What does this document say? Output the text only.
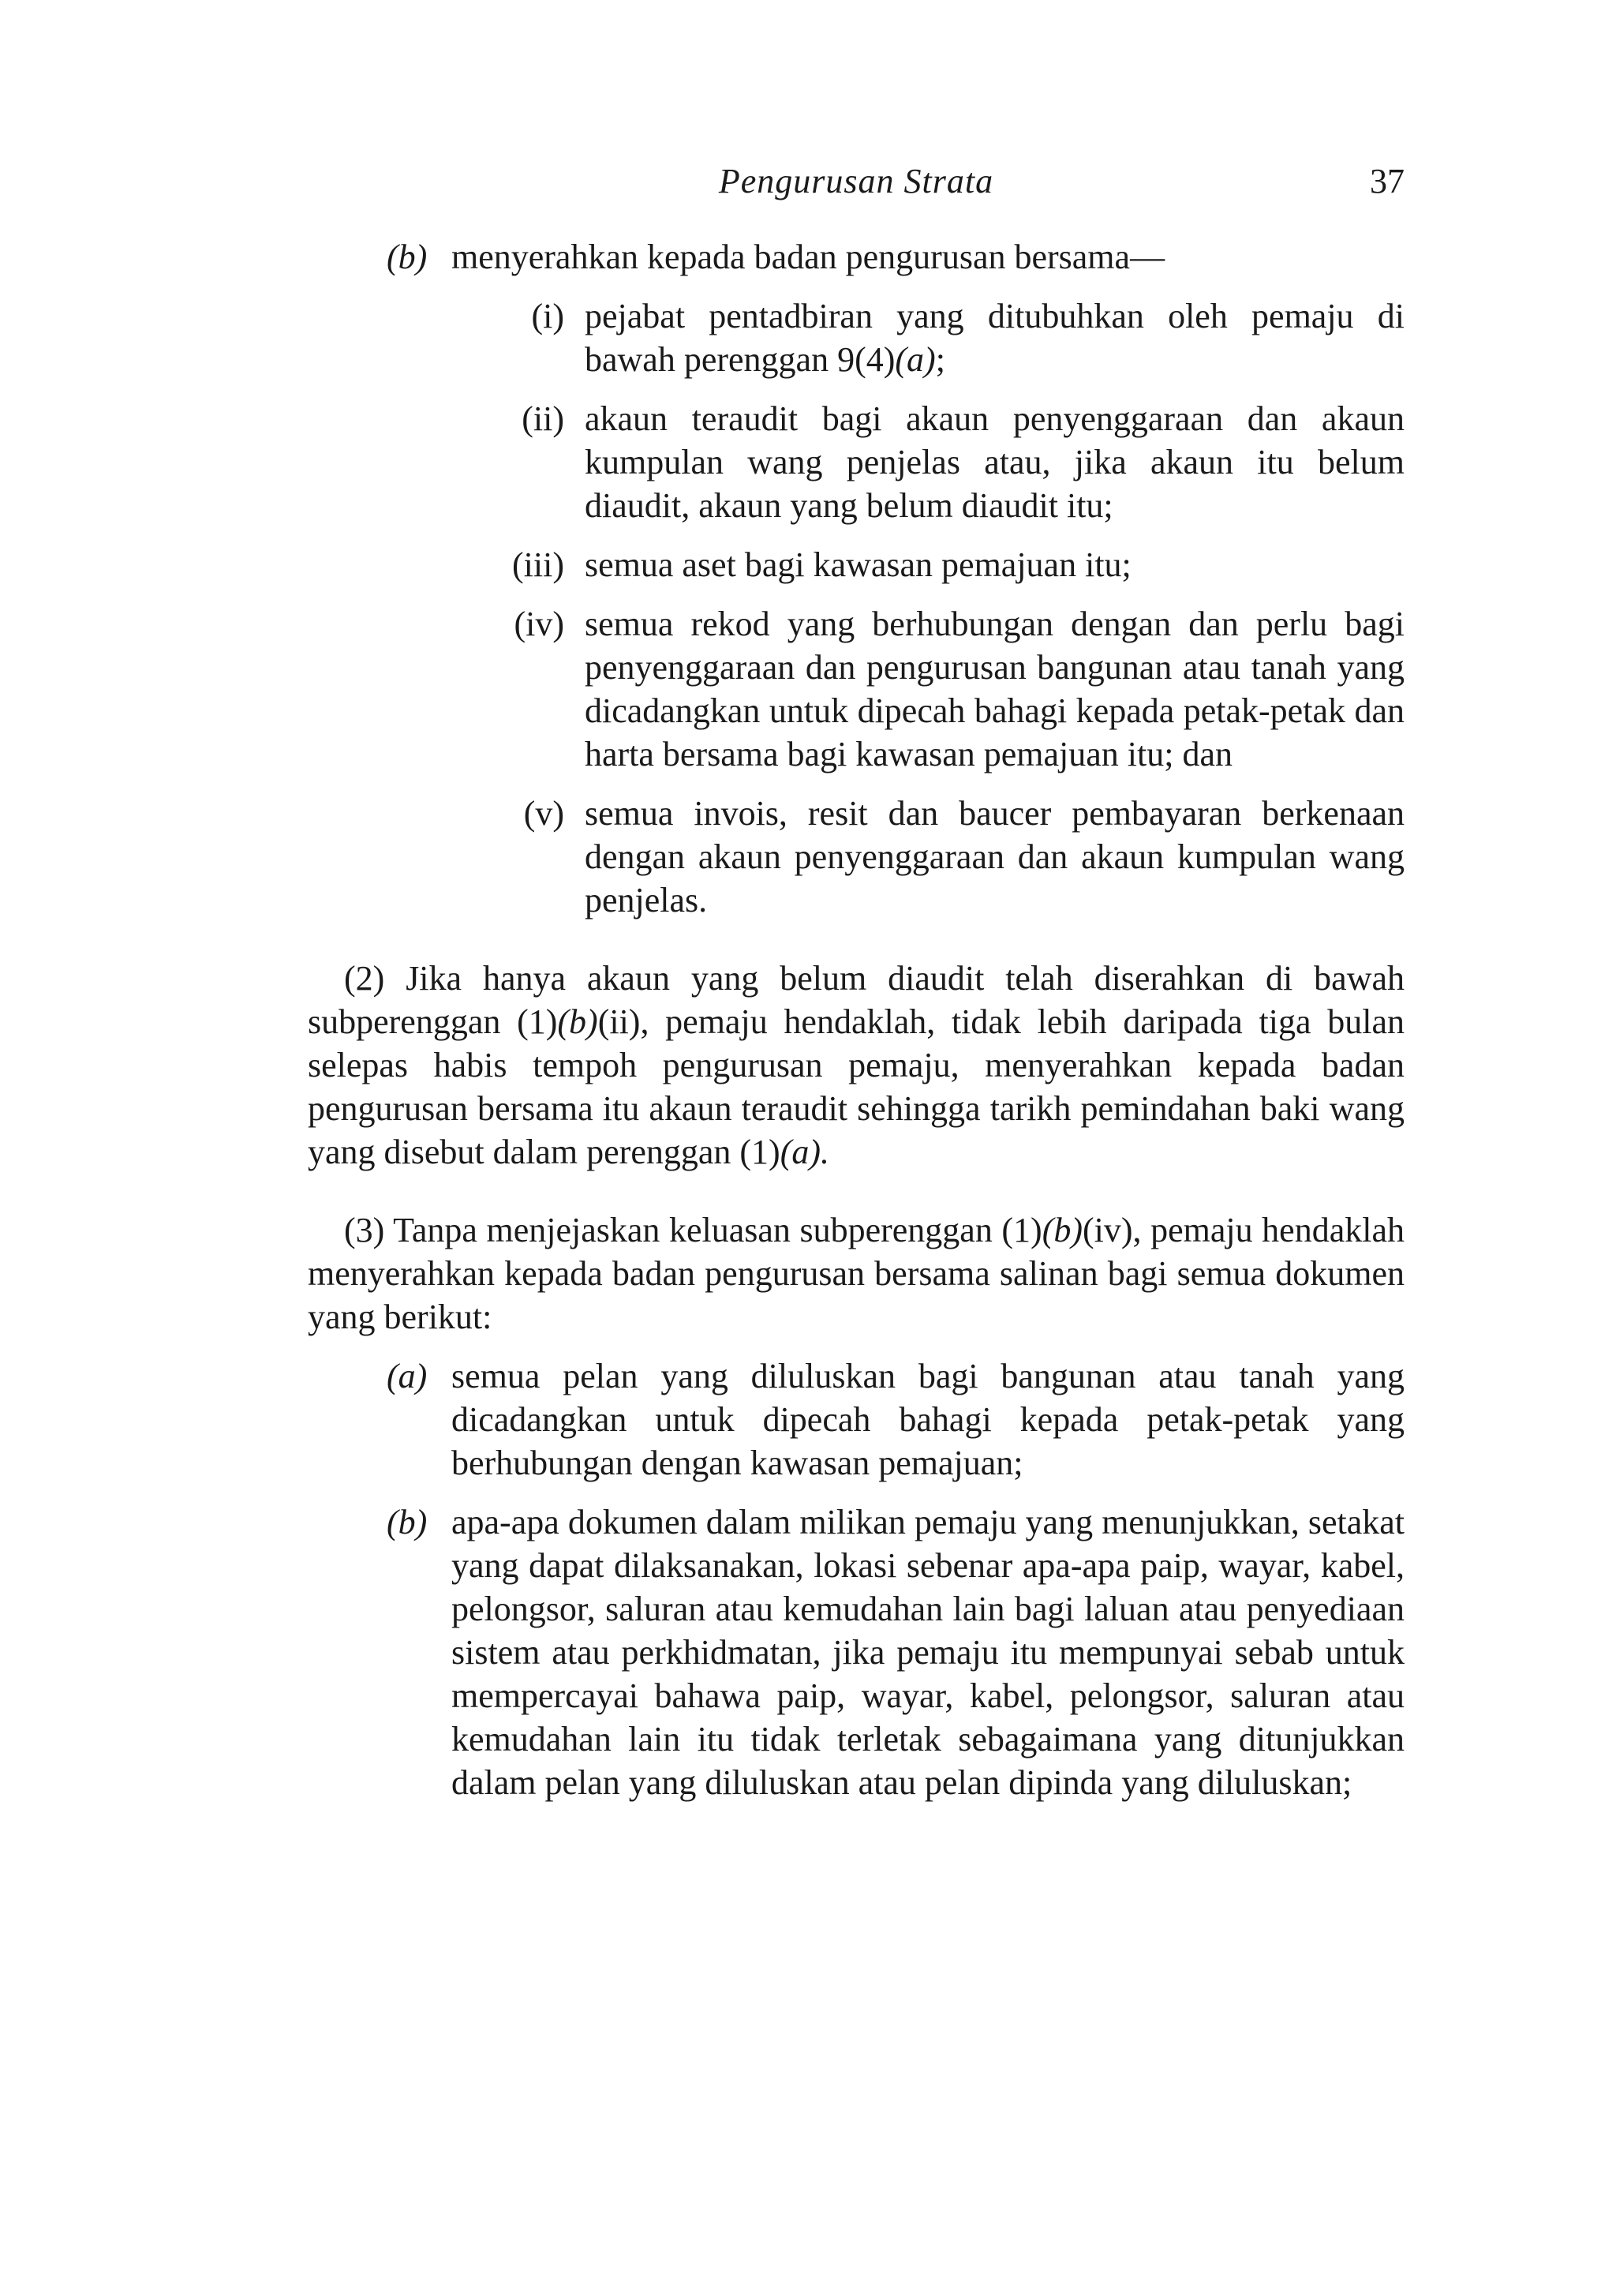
Pengurusan Strata	37
(b) menyerahkan kepada badan pengurusan bersama—
(i) pejabat pentadbiran yang ditubuhkan oleh pemaju di bawah perenggan 9(4)(a);
(ii) akaun teraudit bagi akaun penyenggaraan dan akaun kumpulan wang penjelas atau, jika akaun itu belum diaudit, akaun yang belum diaudit itu;
(iii) semua aset bagi kawasan pemajuan itu;
(iv) semua rekod yang berhubungan dengan dan perlu bagi penyenggaraan dan pengurusan bangunan atau tanah yang dicadangkan untuk dipecah bahagi kepada petak-petak dan harta bersama bagi kawasan pemajuan itu; dan
(v) semua invois, resit dan baucer pembayaran berkenaan dengan akaun penyenggaraan dan akaun kumpulan wang penjelas.

(2) Jika hanya akaun yang belum diaudit telah diserahkan di bawah subperenggan (1)(b)(ii), pemaju hendaklah, tidak lebih daripada tiga bulan selepas habis tempoh pengurusan pemaju, menyerahkan kepada badan pengurusan bersama itu akaun teraudit sehingga tarikh pemindahan baki wang yang disebut dalam perenggan (1)(a).

(3) Tanpa menjejaskan keluasan subperenggan (1)(b)(iv), pemaju hendaklah menyerahkan kepada badan pengurusan bersama salinan bagi semua dokumen yang berikut:

(a) semua pelan yang diluluskan bagi bangunan atau tanah yang dicadangkan untuk dipecah bahagi kepada petak-petak yang berhubungan dengan kawasan pemajuan;
(b) apa-apa dokumen dalam milikan pemaju yang menunjukkan, setakat yang dapat dilaksanakan, lokasi sebenar apa-apa paip, wayar, kabel, pelongsor, saluran atau kemudahan lain bagi laluan atau penyediaan sistem atau perkhidmatan, jika pemaju itu mempunyai sebab untuk mempercayai bahawa paip, wayar, kabel, pelongsor, saluran atau kemudahan lain itu tidak terletak sebagaimana yang ditunjukkan dalam pelan yang diluluskan atau pelan dipinda yang diluluskan;
